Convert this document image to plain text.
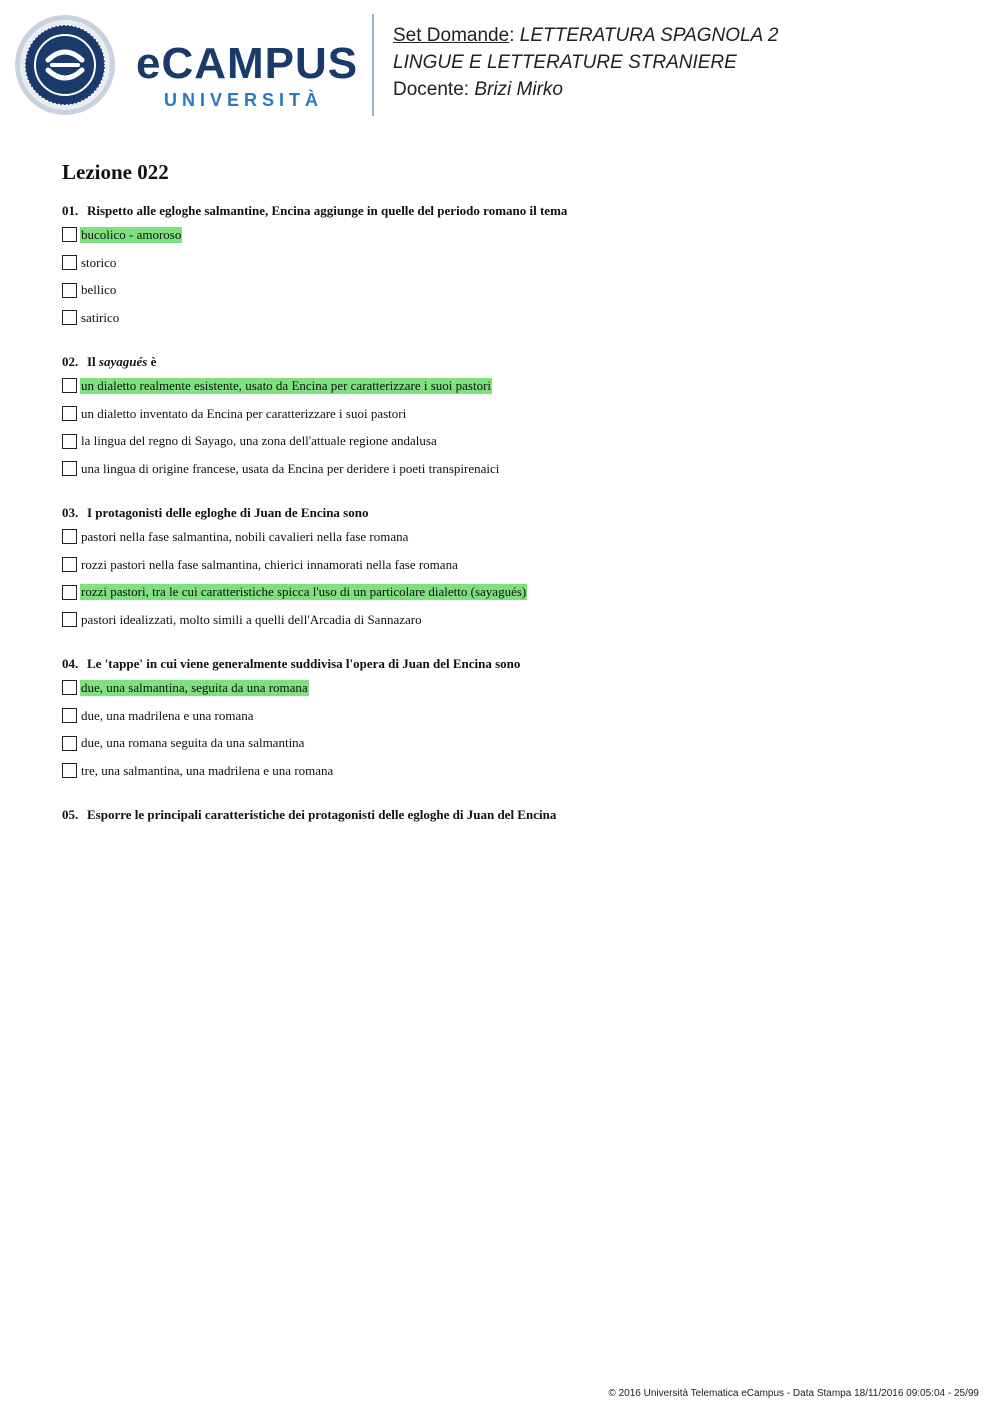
eCAMPUS
UNIVERSITÀ
Set Domande: LETTERATURA SPAGNOLA 2
LINGUE E LETTERATURE STRANIERE
Docente: Brizi Mirko
Lezione 022
01. Rispetto alle egloghe salmantine, Encina aggiunge in quelle del periodo romano il tema
bucolico - amoroso
storico
bellico
satirico
02. Il sayagués è
un dialetto realmente esistente, usato da Encina per caratterizzare i suoi pastori
un dialetto inventato da Encina per caratterizzare i suoi pastori
la lingua del regno di Sayago, una zona dell'attuale regione andalusa
una lingua di origine francese, usata da Encina per deridere i poeti transpirenaici
03. I protagonisti delle egloghe di Juan de Encina sono
pastori nella fase salmantina, nobili cavalieri nella fase romana
rozzi pastori nella fase salmantina, chierici innamorati nella fase romana
rozzi pastori, tra le cui caratteristiche spicca l'uso di un particolare dialetto (sayagués)
pastori idealizzati, molto simili a quelli dell'Arcadia di Sannazaro
04. Le 'tappe' in cui viene generalmente suddivisa l'opera di Juan del Encina sono
due, una salmantina, seguita da una romana
due, una madrilena e una romana
due, una romana seguita da una salmantina
tre, una salmantina, una madrilena e una romana
05. Esporre le principali caratteristiche dei protagonisti delle egloghe di Juan del Encina
© 2016 Università Telematica eCampus - Data Stampa 18/11/2016 09:05:04 - 25/99
